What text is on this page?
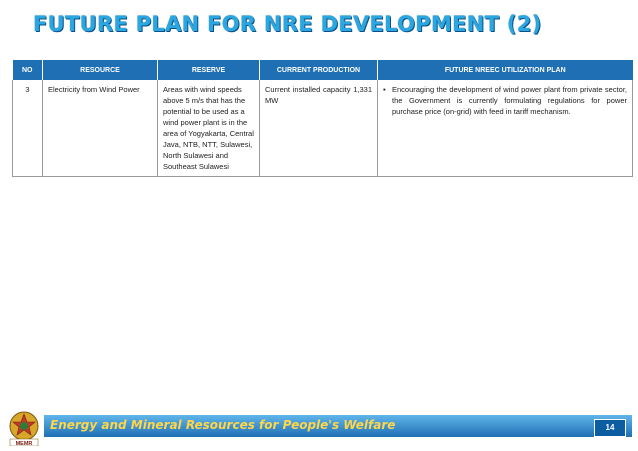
FUTURE PLAN FOR NRE DEVELOPMENT (2)
NO	RESOURCE	RESERVE	CURRENT PRODUCTION	FUTURE NREEC UTILIZATION PLAN
3	Electricity from Wind Power	Areas with wind speeds above 5 m/s that has the potential to be used as a wind power plant is in the area of Yogyakarta, Central Java, NTB, NTT, Sulawesi, North Sulawesi and Southeast Sulawesi	Current installed capacity 1,331 MW	▪ Encouraging the development of wind power plant from private sector, the Government is currently formulating regulations for power purchase price (on-grid) with feed in tariff mechanism.
Energy and Mineral Resources for People's Welfare
MEMR
14
